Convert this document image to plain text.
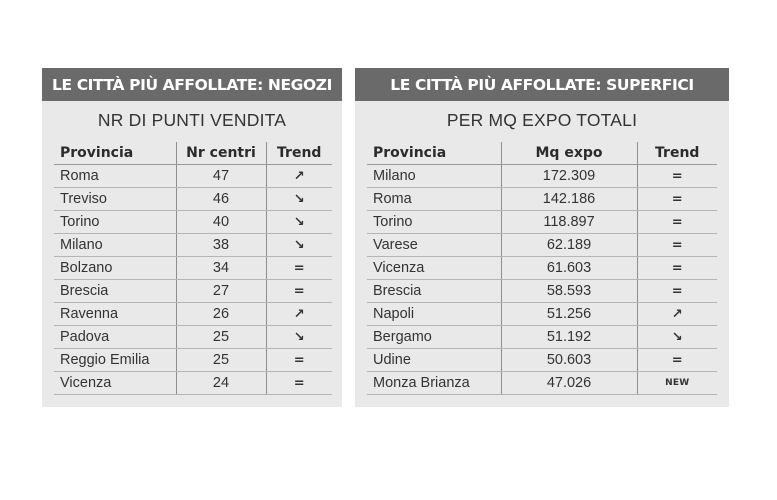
LE CITTÀ PIÙ AFFOLLATE: NEGOZI
NR DI PUNTI VENDITA
Provincia	Nr centri	Trend
Roma	47	↗
Treviso	46	↘
Torino	40	↘
Milano	38	↘
Bolzano	34	=
Brescia	27	=
Ravenna	26	↗
Padova	25	↘
Reggio Emilia	25	=
Vicenza	24	=
LE CITTÀ PIÙ AFFOLLATE: SUPERFICI
PER MQ EXPO TOTALI
Provincia	Mq expo	Trend
Milano	172.309	=
Roma	142.186	=
Torino	118.897	=
Varese	62.189	=
Vicenza	61.603	=
Brescia	58.593	=
Napoli	51.256	↗
Bergamo	51.192	↘
Udine	50.603	=
Monza Brianza	47.026	NEW
